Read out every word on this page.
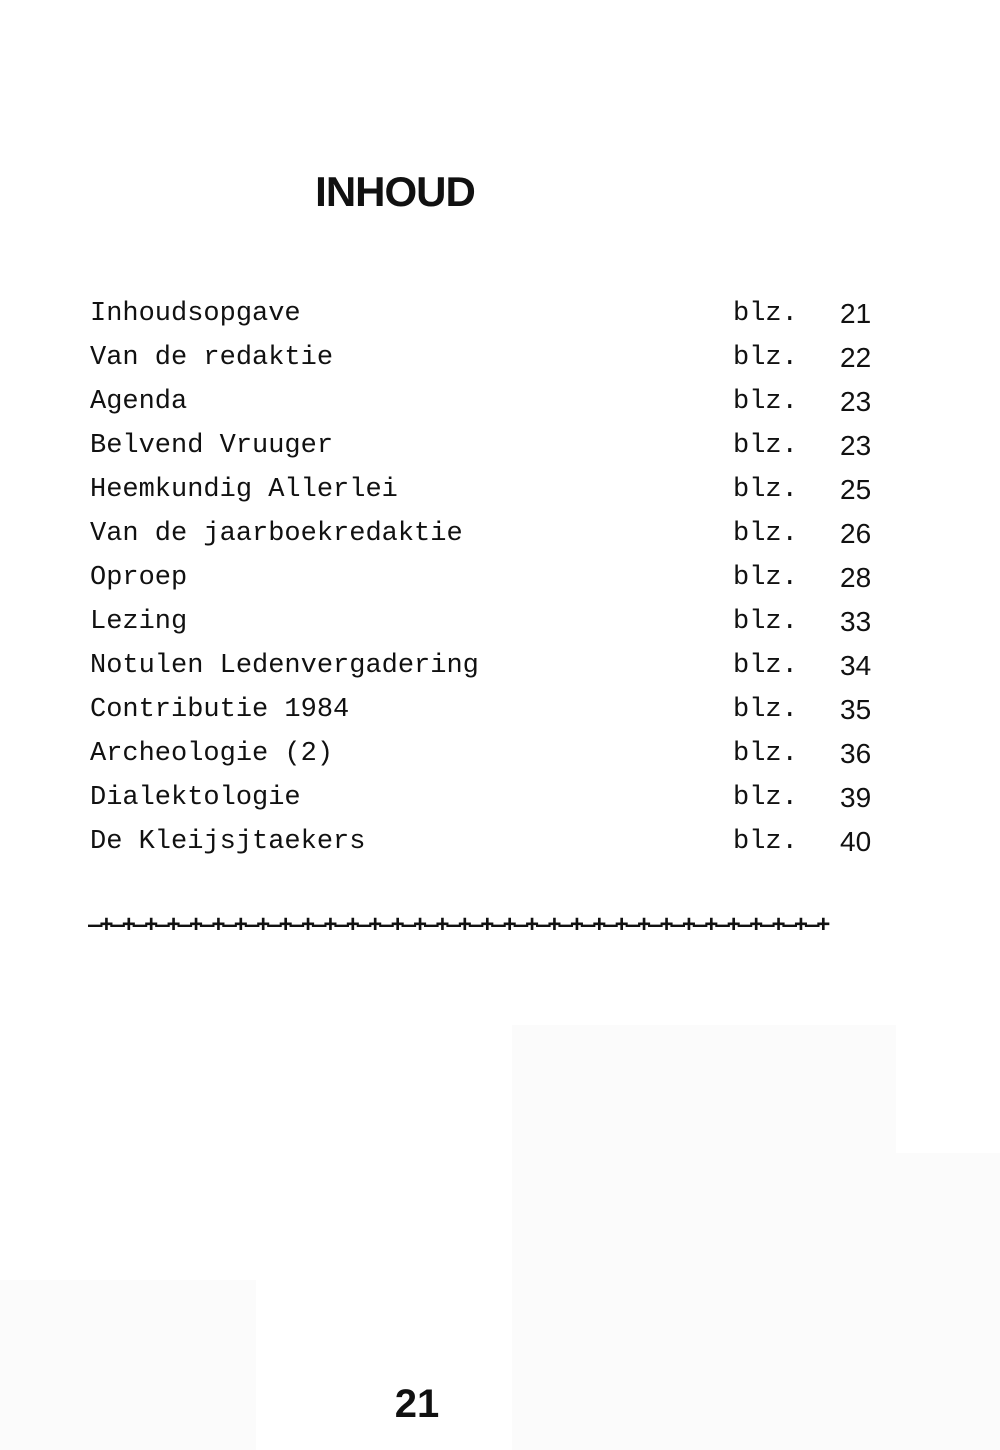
INHOUD
Inhoudsopgave	blz. 21
Van de redaktie	blz. 22
Agenda	blz. 23
Belvend Vruuger	blz. 23
Heemkundig Allerlei	blz. 25
Van de jaarboekredaktie	blz. 26
Oproep	blz. 28
Lezing	blz. 33
Notulen Ledenvergadering	blz. 34
Contributie 1984	blz. 35
Archeologie (2)	blz. 36
Dialektologie	blz. 39
De Kleijsjtaekers	blz. 40
—+—+—+—+—+—+—+—+—+—+—+—+—+—+—+—+—+—+—+—+—+—+—+—+—+—+—+—+—+—+—+—+—+

21
